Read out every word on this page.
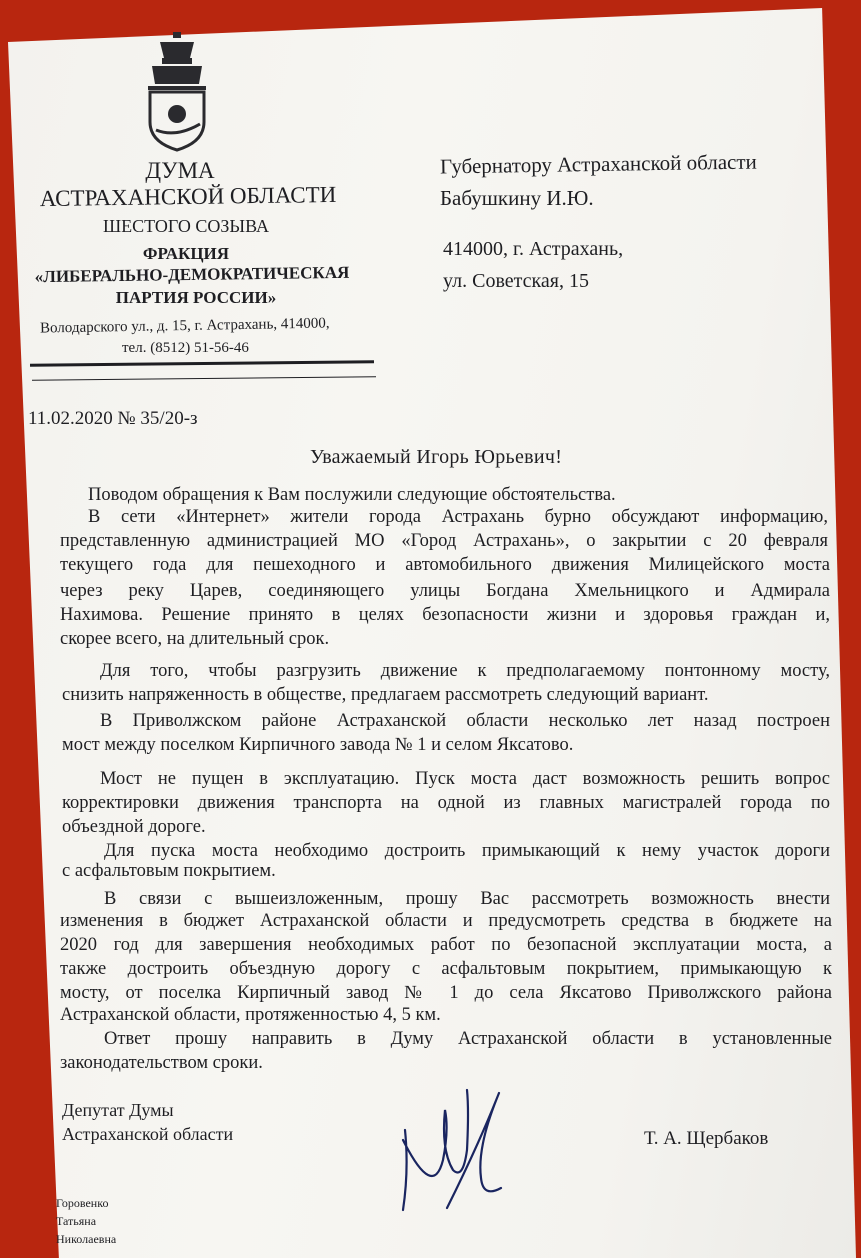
ДУМА
АСТРАХАНСКОЙ ОБЛАСТИ
ШЕСТОГО СОЗЫВА
ФРАКЦИЯ
«ЛИБЕРАЛЬНО-ДЕМОКРАТИЧЕСКАЯ
ПАРТИЯ РОССИИ»
Володарского ул., д. 15, г. Астрахань, 414000,
тел. (8512) 51-56-46
Губернатору Астраханской области
Бабушкину И.Ю.
414000, г. Астрахань,
ул. Советская, 15
11.02.2020 № 35/20-з
Уважаемый Игорь Юрьевич!
Поводом обращения к Вам послужили следующие обстоятельства.
В сети «Интернет» жители города Астрахань бурно обсуждают информацию,
представленную администрацией МО «Город Астрахань», о закрытии с 20 февраля
текущего года для пешеходного и автомобильного движения Милицейского моста
через реку Царев, соединяющего улицы Богдана Хмельницкого и Адмирала
Нахимова. Решение принято в целях безопасности жизни и здоровья граждан и,
скорее всего, на длительный срок.
Для того, чтобы разгрузить движение к предполагаемому понтонному мосту,
снизить напряженность в обществе, предлагаем рассмотреть следующий вариант.
В Приволжском районе Астраханской области несколько лет назад построен
мост между поселком Кирпичного завода № 1 и селом Яксатово.
Мост не пущен в эксплуатацию. Пуск моста даст возможность решить вопрос
корректировки движения транспорта на одной из главных магистралей города по
объездной дороге.
Для пуска моста необходимо достроить примыкающий к нему участок дороги
с асфальтовым покрытием.
В связи с вышеизложенным, прошу Вас рассмотреть возможность внести
изменения в бюджет Астраханской области и предусмотреть средства в бюджете на
2020 год для завершения необходимых работ по безопасной эксплуатации моста, а
также достроить объездную дорогу с асфальтовым покрытием, примыкающую к
мосту, от поселка Кирпичный завод № 1 до села Яксатово Приволжского района
Астраханской области, протяженностью 4, 5 км.
Ответ прошу направить в Думу Астраханской области в установленные
законодательством сроки.
Депутат Думы
Астраханской области	Т. А. Щербаков
Горовенко
Татьяна
Николаевна
